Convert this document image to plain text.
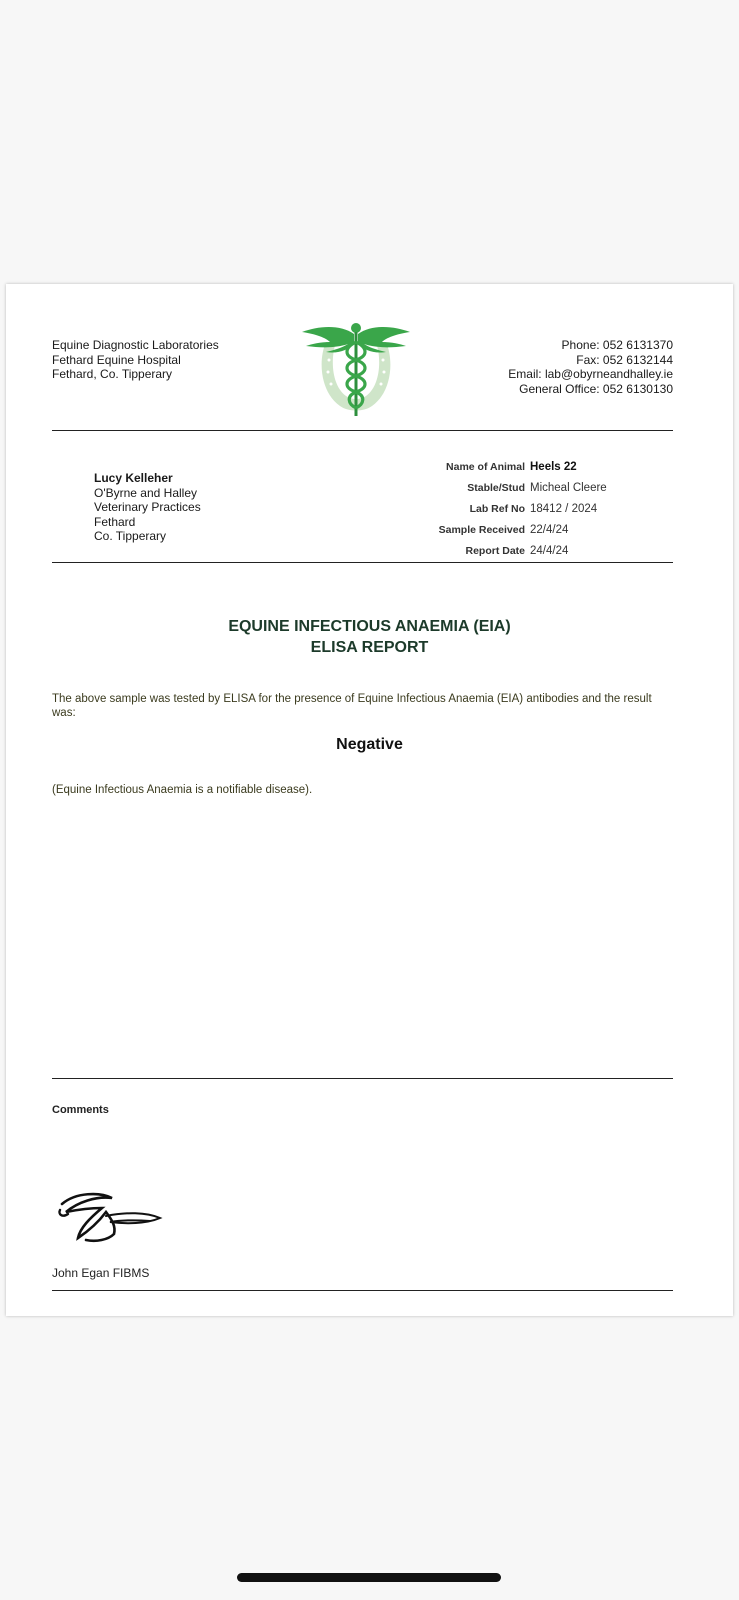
Equine Diagnostic Laboratories
Fethard Equine Hospital
Fethard, Co. Tipperary
Phone: 052 6131370
Fax: 052 6132144
Email: lab@obyrneandhalley.ie
General Office: 052 6130130
Lucy Kelleher
O'Byrne and Halley
Veterinary Practices
Fethard
Co. Tipperary
Name of Animal Heels 22
Stable/Stud Micheal Cleere
Lab Ref No 18412 / 2024
Sample Received 22/4/24
Report Date 24/4/24
EQUINE INFECTIOUS ANAEMIA (EIA)
ELISA REPORT
The above sample was tested by ELISA for the presence of Equine Infectious Anaemia (EIA) antibodies and the result was:
Negative
(Equine Infectious Anaemia is a notifiable disease).
Comments
John Egan FIBMS
